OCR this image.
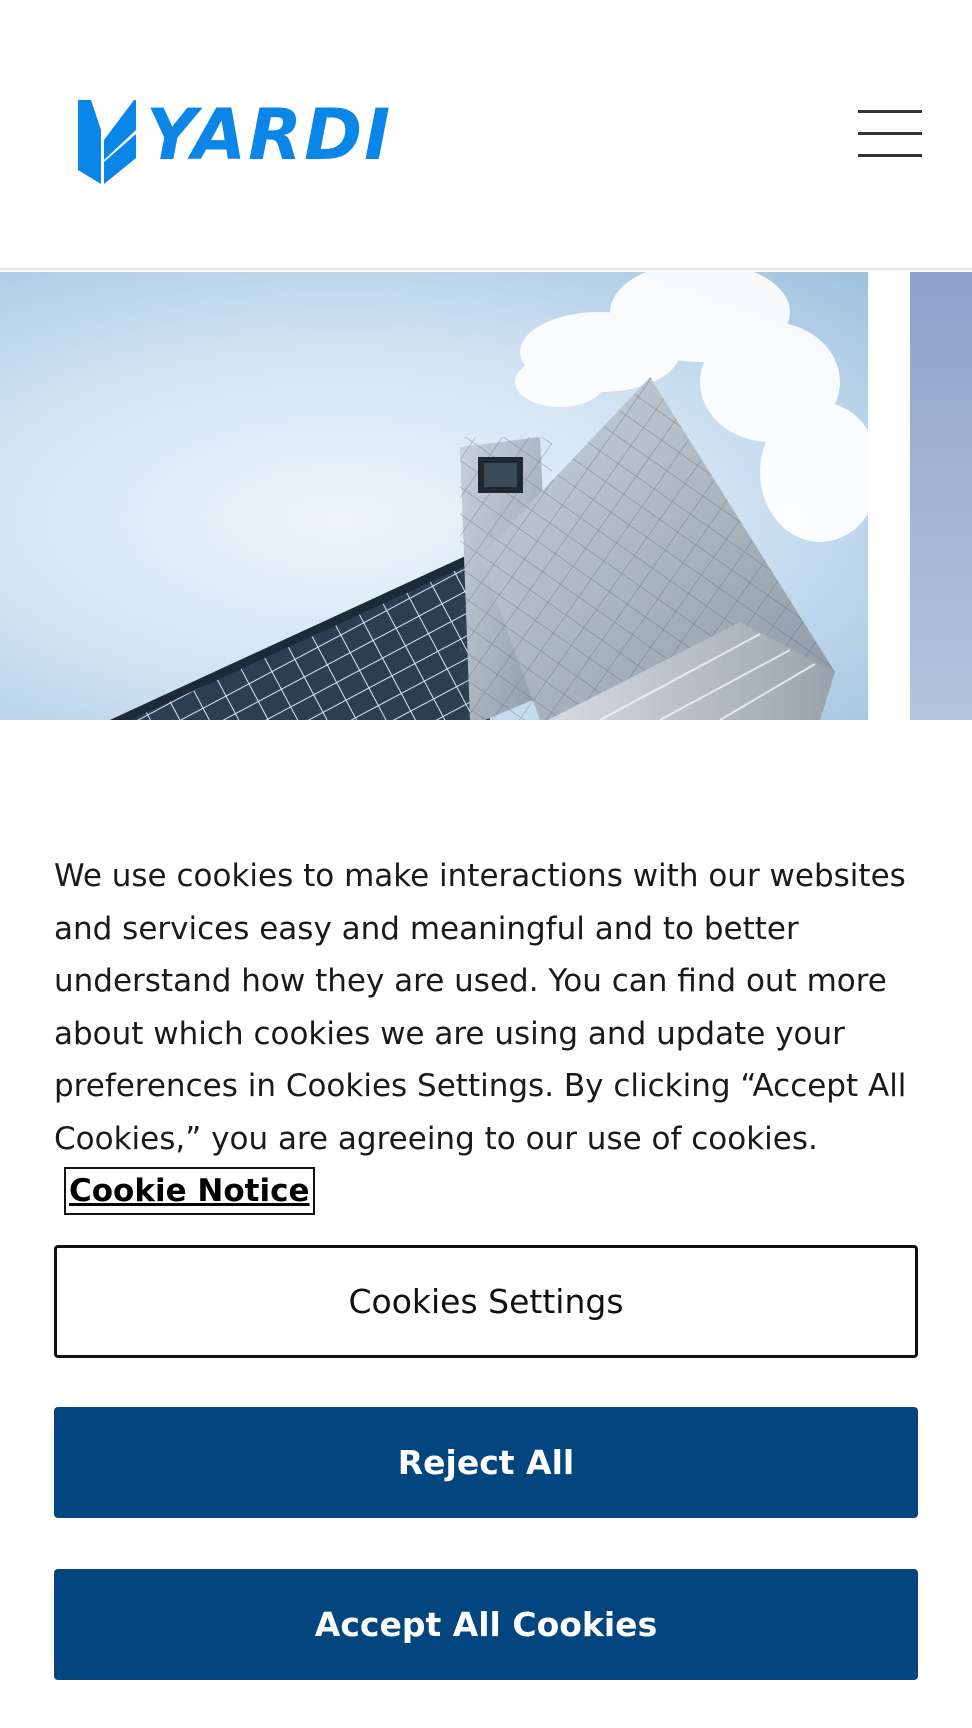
YARDI
We use cookies to make interactions with our websites and services easy and meaningful and to better understand how they are used. You can find out more about which cookies we are using and update your preferences in Cookies Settings. By clicking “Accept All Cookies,” you are agreeing to our use of cookies.Cookie Notice
Cookies Settings
Reject All
Accept All Cookies
